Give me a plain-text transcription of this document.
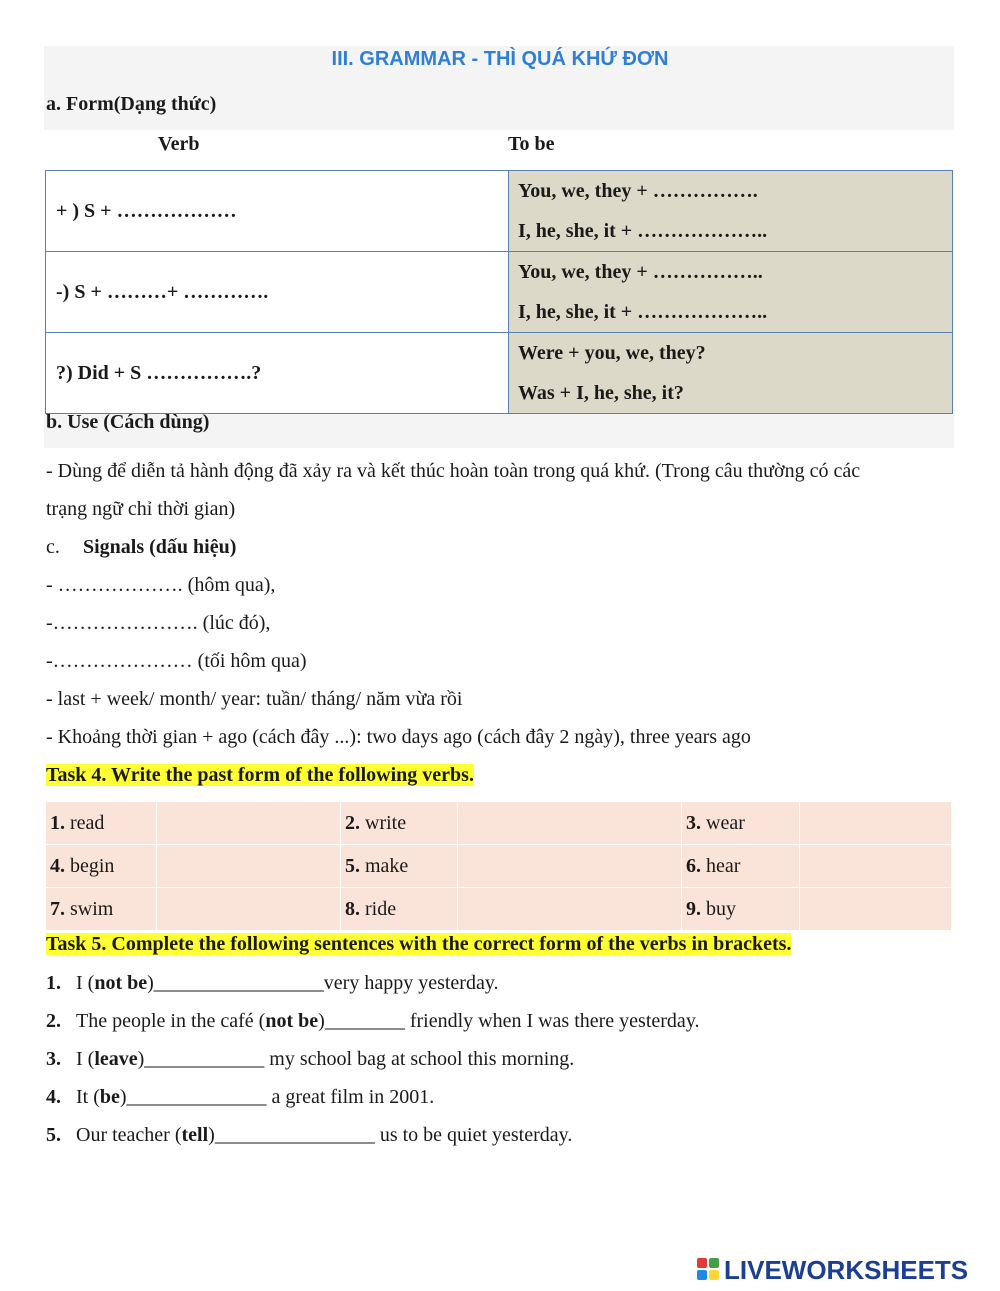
III. GRAMMAR - THÌ QUÁ KHỨ ĐƠN
a. Form(Dạng thức)
Verb	To be
+ ) S + ………………	You, we, they + …………….
I, he, she, it + ………………..

-) S + ………+ ………….	You, we, they + ……………..
I, he, she, it + ………………..

?) Did + S …………….?	Were + you, we, they?
Was + I, he, she, it?
b. Use (Cách dùng)
- Dùng để diễn tả hành động đã xảy ra và kết thúc hoàn toàn trong quá khứ. (Trong câu thường có các
trạng ngữ chỉ thời gian)
c. Signals (dấu hiệu)
- ………………. (hôm qua),
-…………………. (lúc đó),
-………………… (tối hôm qua)
- last + week/ month/ year: tuần/ tháng/ năm vừa rồi
- Khoảng thời gian + ago (cách đây ...): two days ago (cách đây 2 ngày), three years ago
Task 4. Write the past form of the following verbs.
1. read		2. write		3. wear	
4. begin		5. make		6. hear	
7. swim		8. ride		9. buy	
Task 5. Complete the following sentences with the correct form of the verbs in brackets.
1. I (not be)_________________very happy yesterday.
2. The people in the café (not be)________ friendly when I was there yesterday.
3. I (leave)____________ my school bag at school this morning.
4. It (be)______________ a great film in 2001.
5. Our teacher (tell)________________ us to be quiet yesterday.
LIVEWORKSHEETS
